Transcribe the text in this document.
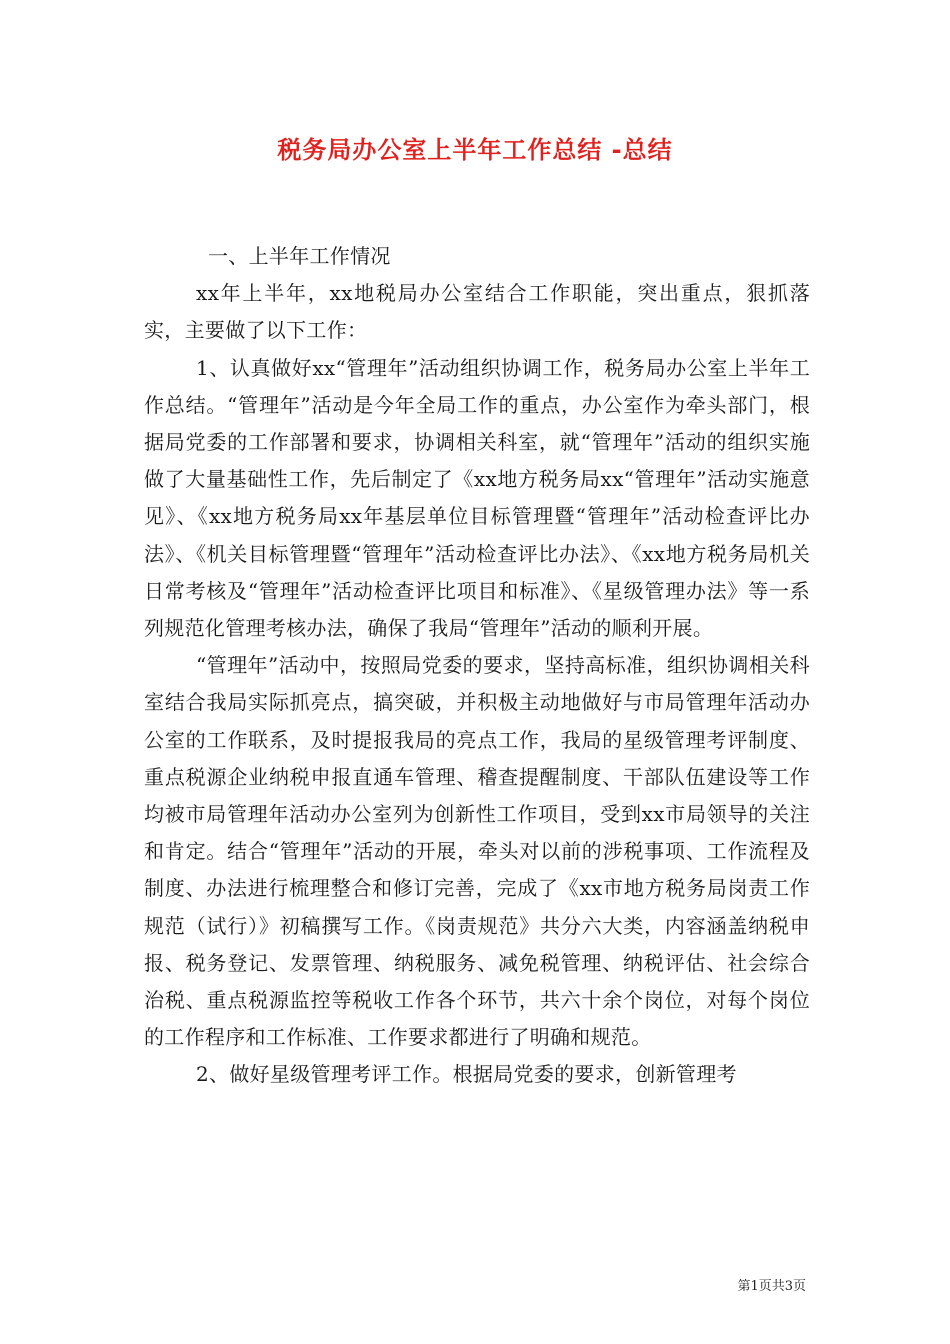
税务局办公室上半年工作总结 -总结

一、上半年工作情况

xx年上半年，xx地税局办公室结合工作职能，突出重点，狠抓落实，主要做了以下工作：

1、认真做好xx“管理年”活动组织协调工作，税务局办公室上半年工作总结。“管理年”活动是今年全局工作的重点，办公室作为牵头部门，根据局党委的工作部署和要求，协调相关科室，就“管理年”活动的组织实施做了大量基础性工作，先后制定了《xx地方税务局xx“管理年”活动实施意见》、《xx地方税务局xx年基层单位目标管理暨“管理年”活动检查评比办法》、《机关目标管理暨“管理年”活动检查评比办法》、《xx地方税务局机关日常考核及“管理年”活动检查评比项目和标准》、《星级管理办法》等一系列规范化管理考核办法，确保了我局“管理年”活动的顺利开展。

“管理年”活动中，按照局党委的要求，坚持高标准，组织协调相关科室结合我局实际抓亮点，搞突破，并积极主动地做好与市局管理年活动办公室的工作联系，及时提报我局的亮点工作，我局的星级管理考评制度、重点税源企业纳税申报直通车管理、稽查提醒制度、干部队伍建设等工作均被市局管理年活动办公室列为创新性工作项目，受到xx市局领导的关注和肯定。结合“管理年”活动的开展，牵头对以前的涉税事项、工作流程及制度、办法进行梳理整合和修订完善，完成了《xx市地方税务局岗责工作规范（试行）》初稿撰写工作。《岗责规范》共分六大类，内容涵盖纳税申报、税务登记、发票管理、纳税服务、减免税管理、纳税评估、社会综合治税、重点税源监控等税收工作各个环节，共六十余个岗位，对每个岗位的工作程序和工作标准、工作要求都进行了明确和规范。

2、做好星级管理考评工作。根据局党委的要求，创新管理考

第1页共3页
